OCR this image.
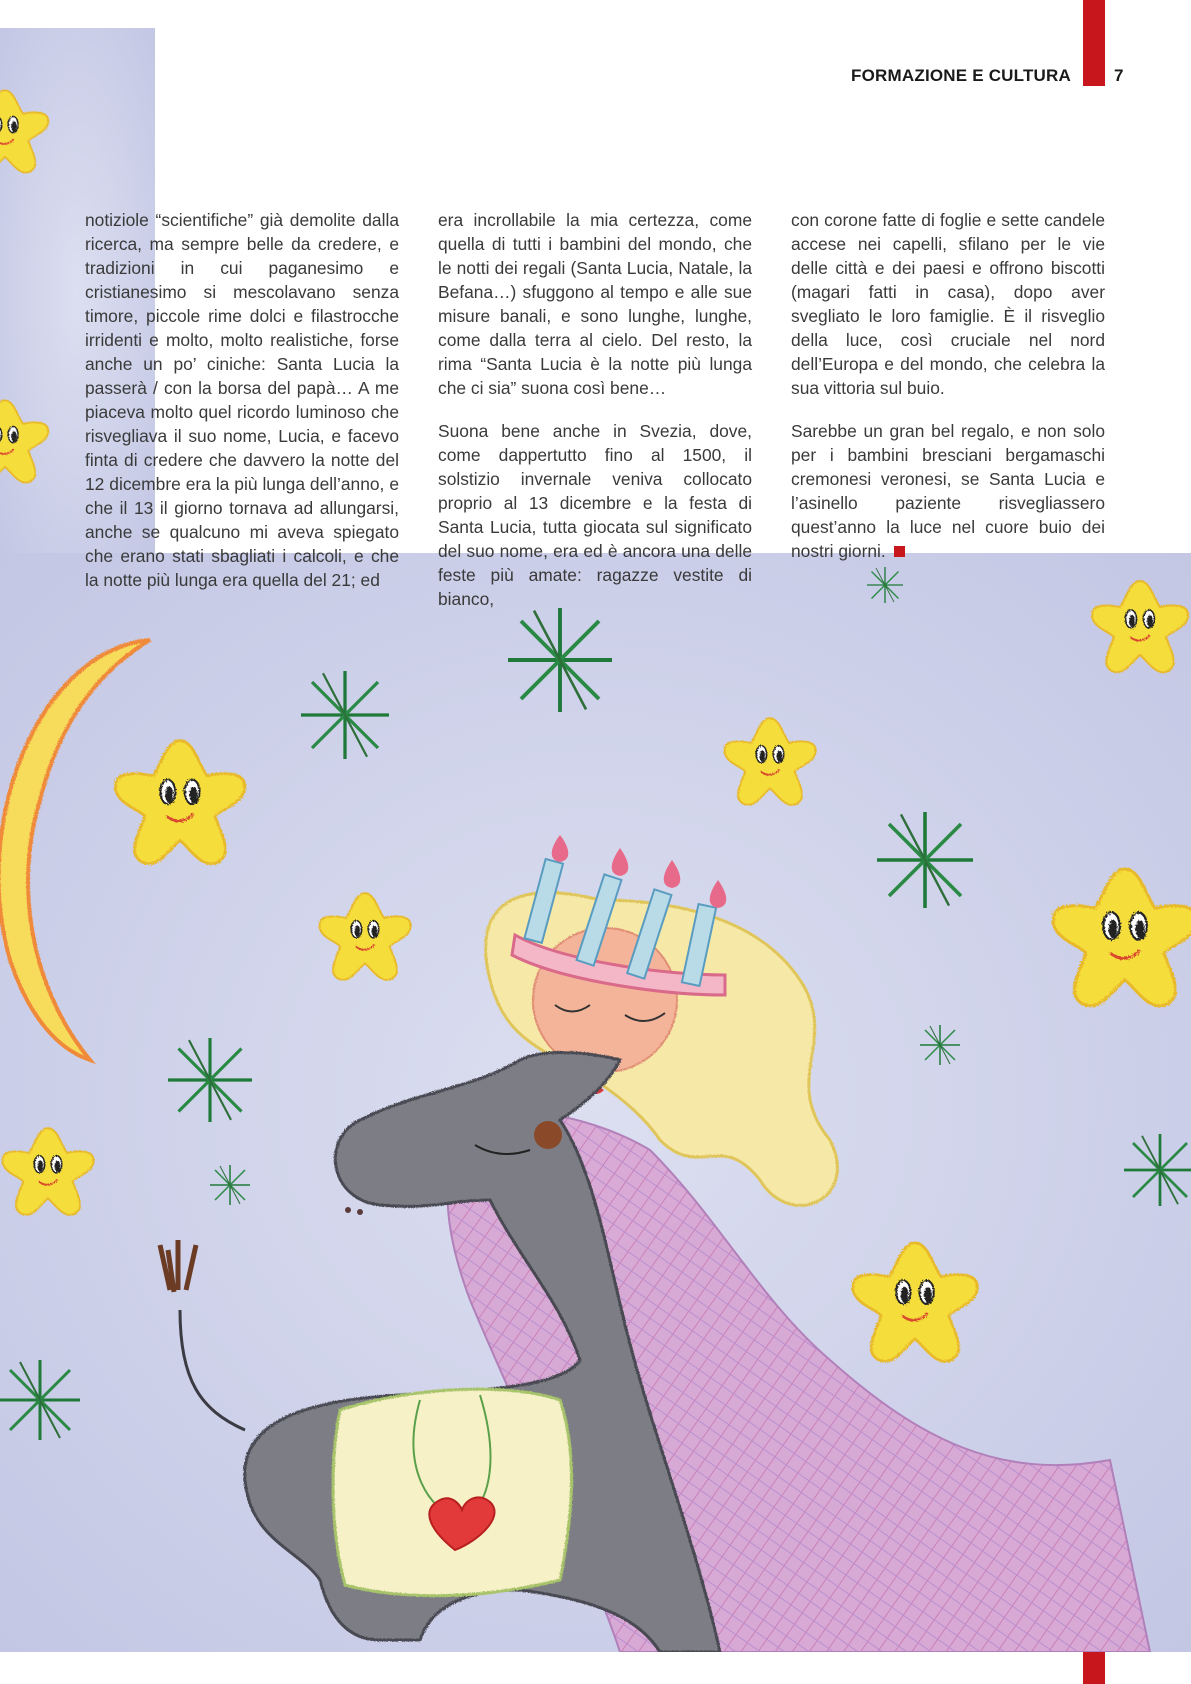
FORMAZIONE E CULTURA	7

notiziole “scientifiche” già demolite dalla ricerca, ma sempre belle da credere, e tradizioni in cui paganesimo e cristianesimo si mescolavano senza timore, piccole rime dolci e filastrocche irridenti e molto, molto realistiche, forse anche un po’ ciniche: Santa Lucia la passerà / con la borsa del papà… A me piaceva molto quel ricordo luminoso che risvegliava il suo nome, Lucia, e facevo finta di credere che davvero la notte del 12 dicembre era la più lunga dell’anno, e che il 13 il giorno tornava ad allungarsi, anche se qualcuno mi aveva spiegato che erano stati sbagliati i calcoli, e che la notte più lunga era quella del 21; ed

era incrollabile la mia certezza, come quella di tutti i bambini del mondo, che le notti dei regali (Santa Lucia, Natale, la Befana…) sfuggono al tempo e alle sue misure banali, e sono lunghe, lunghe, come dalla terra al cielo. Del resto, la rima “Santa Lucia è la notte più lunga che ci sia” suona così bene…

Suona bene anche in Svezia, dove, come dappertutto fino al 1500, il solstizio invernale veniva collocato proprio al 13 dicembre e la festa di Santa Lucia, tutta giocata sul significato del suo nome, era ed è ancora una delle feste più amate: ragazze vestite di bianco,

con corone fatte di foglie e sette candele accese nei capelli, sfilano per le vie delle città e dei paesi e offrono biscotti (magari fatti in casa), dopo aver svegliato le loro famiglie. È il risveglio della luce, così cruciale nel nord dell’Europa e del mondo, che celebra la sua vittoria sul buio.

Sarebbe un gran bel regalo, e non solo per i bambini bresciani bergamaschi cremonesi veronesi, se Santa Lucia e l’asinello paziente risvegliassero quest’anno la luce nel cuore buio dei nostri giorni.
